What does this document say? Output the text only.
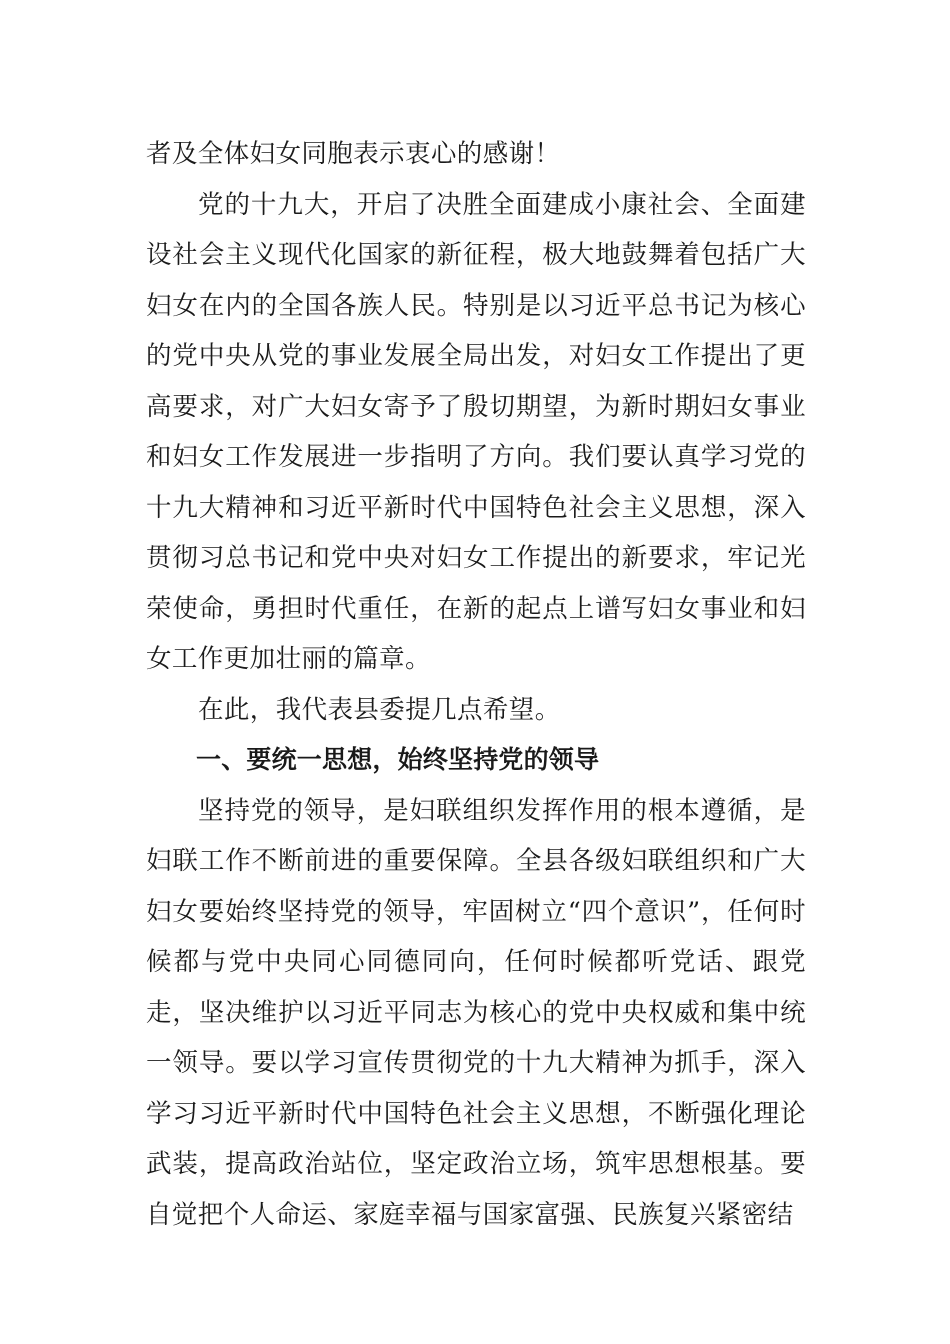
者及全体妇女同胞表示衷心的感谢！

党的十九大，开启了决胜全面建成小康社会、全面建设社会主义现代化国家的新征程，极大地鼓舞着包括广大妇女在内的全国各族人民。特别是以习近平总书记为核心的党中央从党的事业发展全局出发，对妇女工作提出了更高要求，对广大妇女寄予了殷切期望，为新时期妇女事业和妇女工作发展进一步指明了方向。我们要认真学习党的十九大精神和习近平新时代中国特色社会主义思想，深入贯彻习总书记和党中央对妇女工作提出的新要求，牢记光荣使命，勇担时代重任，在新的起点上谱写妇女事业和妇女工作更加壮丽的篇章。

在此，我代表县委提几点希望。

一、要统一思想，始终坚持党的领导

坚持党的领导，是妇联组织发挥作用的根本遵循，是妇联工作不断前进的重要保障。全县各级妇联组织和广大妇女要始终坚持党的领导，牢固树立“四个意识”，任何时候都与党中央同心同德同向，任何时候都听党话、跟党走，坚决维护以习近平同志为核心的党中央权威和集中统一领导。要以学习宣传贯彻党的十九大精神为抓手，深入学习习近平新时代中国特色社会主义思想，不断强化理论武装，提高政治站位，坚定政治立场，筑牢思想根基。要自觉把个人命运、家庭幸福与国家富强、民族复兴紧密结
